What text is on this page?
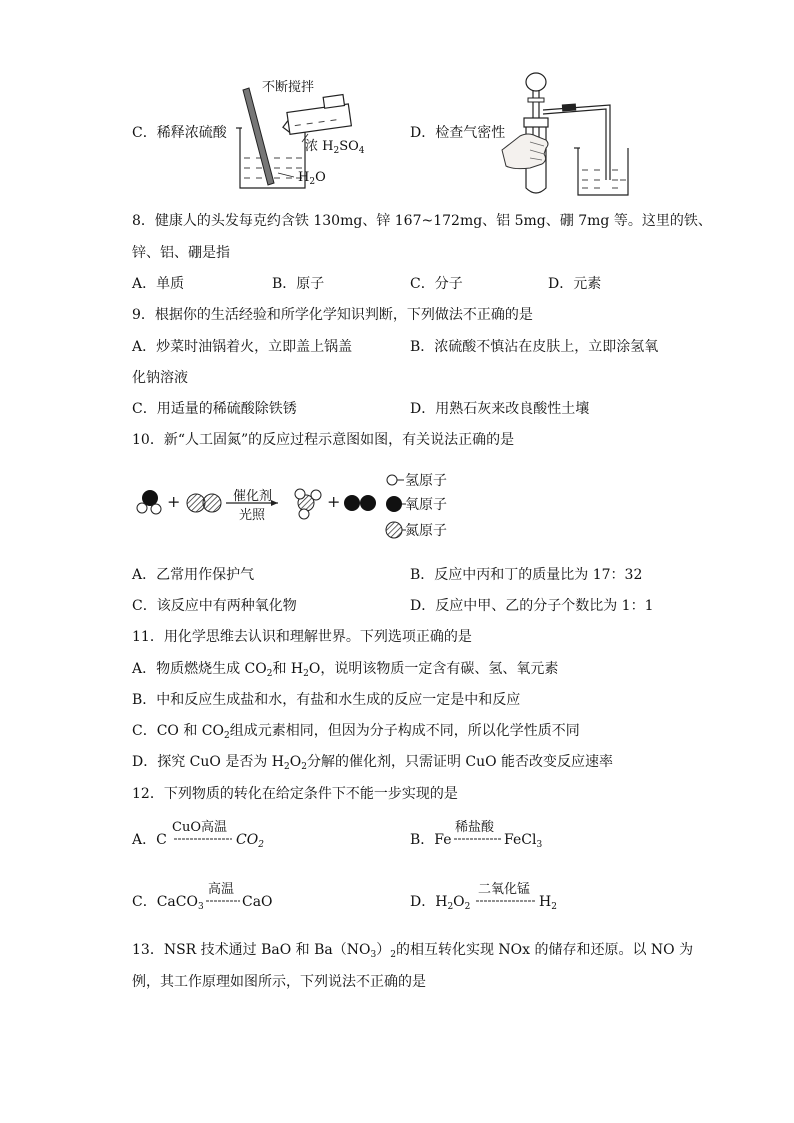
C．稀释浓硫酸
不断搅拌
浓 $H_2SO_4$
$H_2O$
D．检查气密性
8．健康人的头发每克约含铁 130mg、锌 167~172mg、铝 5mg、硼 7mg 等。这里的铁、
锌、铝、硼是指
A．单质	B．原子	C．分子	D．元素
9．根据你的生活经验和所学化学知识判断，下列做法不正确的是
A．炒菜时油锅着火，立即盖上锅盖	B．浓硫酸不慎沾在皮肤上，立即涂氢氧
化钠溶液
C．用适量的稀硫酸除铁锈	D．用熟石灰来改良酸性土壤
10．新“人工固氮”的反应过程示意图如图，有关说法正确的是
+	+
催化剂
光照
氢原子
氧原子
氮原子
A．乙常用作保护气	B．反应中丙和丁的质量比为 17：32
C．该反应中有两种氧化物	D．反应中甲、乙的分子个数比为 1：1
11．用化学思维去认识和理解世界。下列选项正确的是
A．物质燃烧生成 $CO_2$和 $H_2O$，说明该物质一定含有碳、氢、氧元素
B．中和反应生成盐和水，有盐和水生成的反应一定是中和反应
C．CO 和 $CO_2$组成元素相同，但因为分子构成不同，所以化学性质不同
D．探究 CuO 是否为 $H_2O_2$分解的催化剂，只需证明 CuO 能否改变反应速率
12．下列物质的转化在给定条件下不能一步实现的是
A．C
CuO高温
$CO_2$	B．Fe
稀盐酸
FeCl$_3$
C．CaCO$_3$
高温
CaO	D．$H_2O_2$
二氧化锰
$H_2$
13．NSR 技术通过 BaO 和 $Ba(NO_3)_2$的相互转化实现 NOx 的储存和还原。以 NO 为
例，其工作原理如图所示，下列说法不正确的是
